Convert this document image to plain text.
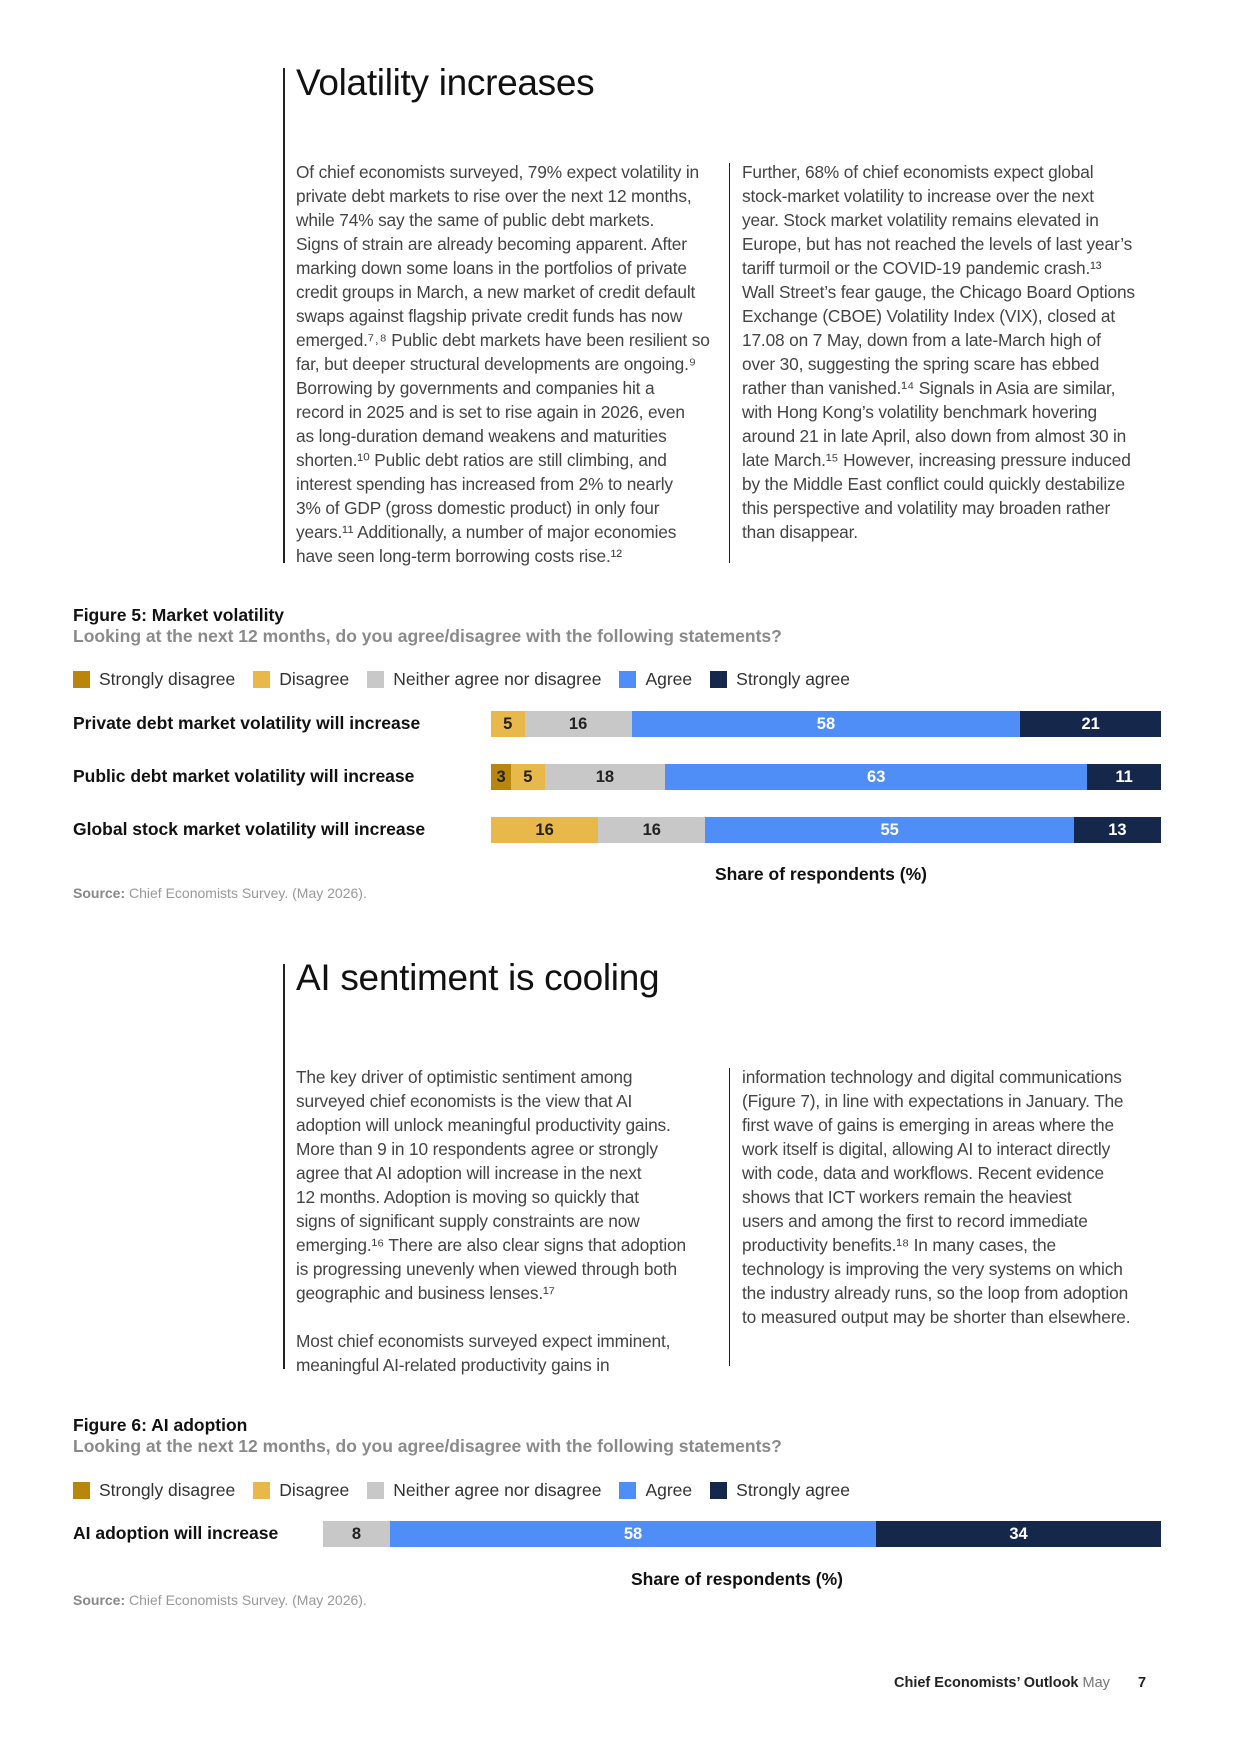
Volatility increases

Of chief economists surveyed, 79% expect volatility in

private debt markets to rise over the next 12 months,

while 74% say the same of public debt markets.

Signs of strain are already becoming apparent. After

marking down some loans in the portfolios of private

credit groups in March, a new market of credit default

swaps against flagship private credit funds has now

emerged.⁷˒⁸ Public debt markets have been resilient so

far, but deeper structural developments are ongoing.⁹

Borrowing by governments and companies hit a

record in 2025 and is set to rise again in 2026, even

as long-duration demand weakens and maturities

shorten.¹⁰ Public debt ratios are still climbing, and

interest spending has increased from 2% to nearly

3% of GDP (gross domestic product) in only four

years.¹¹ Additionally, a number of major economies

have seen long-term borrowing costs rise.¹²

Further, 68% of chief economists expect global

stock-market volatility to increase over the next

year. Stock market volatility remains elevated in

Europe, but has not reached the levels of last year’s

tariff turmoil or the COVID-19 pandemic crash.¹³

Wall Street’s fear gauge, the Chicago Board Options

Exchange (CBOE) Volatility Index (VIX), closed at

17.08 on 7 May, down from a late-March high of

over 30, suggesting the spring scare has ebbed

rather than vanished.¹⁴ Signals in Asia are similar,

with Hong Kong’s volatility benchmark hovering

around 21 in late April, also down from almost 30 in

late March.¹⁵ However, increasing pressure induced

by the Middle East conflict could quickly destabilize

this perspective and volatility may broaden rather

than disappear.

Figure 5: Market volatility
Looking at the next 12 months, do you agree/disagree with the following statements?
Strongly disagree	Disagree	Neither agree nor disagree	Agree	Strongly agree
Private debt market volatility will increase	5	16	58	21
Public debt market volatility will increase	3	5	18	63	11
Global stock market volatility will increase	16	16	55	13
Share of respondents (%)
Source: Chief Economists Survey. (May 2026).
AI sentiment is cooling

The key driver of optimistic sentiment among

surveyed chief economists is the view that AI

adoption will unlock meaningful productivity gains.

More than 9 in 10 respondents agree or strongly

agree that AI adoption will increase in the next

12 months. Adoption is moving so quickly that

signs of significant supply constraints are now

emerging.¹⁶ There are also clear signs that adoption

is progressing unevenly when viewed through both

geographic and business lenses.¹⁷

Most chief economists surveyed expect imminent,

meaningful AI-related productivity gains in

information technology and digital communications

(Figure 7), in line with expectations in January. The

first wave of gains is emerging in areas where the

work itself is digital, allowing AI to interact directly

with code, data and workflows. Recent evidence

shows that ICT workers remain the heaviest

users and among the first to record immediate

productivity benefits.¹⁸ In many cases, the

technology is improving the very systems on which

the industry already runs, so the loop from adoption

to measured output may be shorter than elsewhere.

Figure 6: AI adoption
Looking at the next 12 months, do you agree/disagree with the following statements?
Strongly disagree	Disagree	Neither agree nor disagree	Agree	Strongly agree
AI adoption will increase	8	58	34
Share of respondents (%)
Source: Chief Economists Survey. (May 2026).
Chief Economists’ Outlook May 7
